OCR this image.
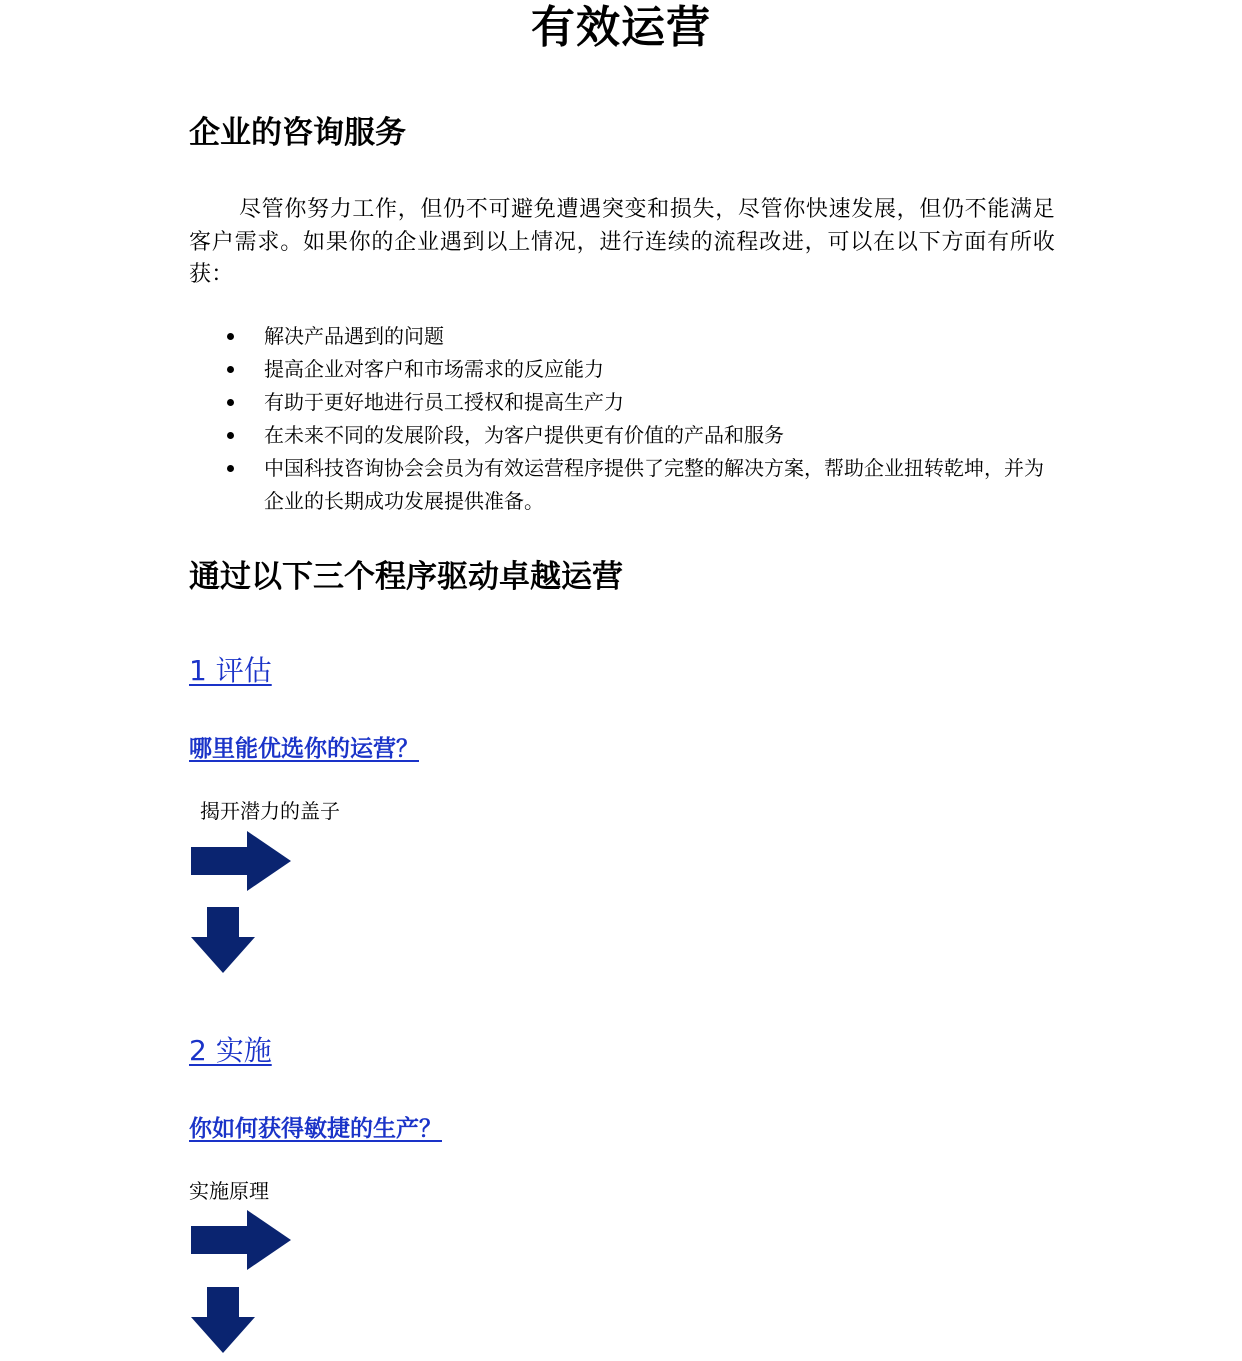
有效运营
企业的咨询服务

尽管你努力工作，但仍不可避免遭遇突变和损失，尽管你快速发展，但仍不能满足客户需求。如果你的企业遇到以上情况，进行连续的流程改进，可以在以下方面有所收获：

解决产品遇到的问题
提高企业对客户和市场需求的反应能力
有助于更好地进行员工授权和提高生产力
在未来不同的发展阶段，为客户提供更有价值的产品和服务
中国科技咨询协会会员为有效运营程序提供了完整的解决方案，帮助企业扭转乾坤，并为企业的长期成功发展提供准备。
通过以下三个程序驱动卓越运营
1 评估
哪里能优选你的运营？

揭开潜力的盖子

2 实施
你如何获得敏捷的生产？

实施原理
